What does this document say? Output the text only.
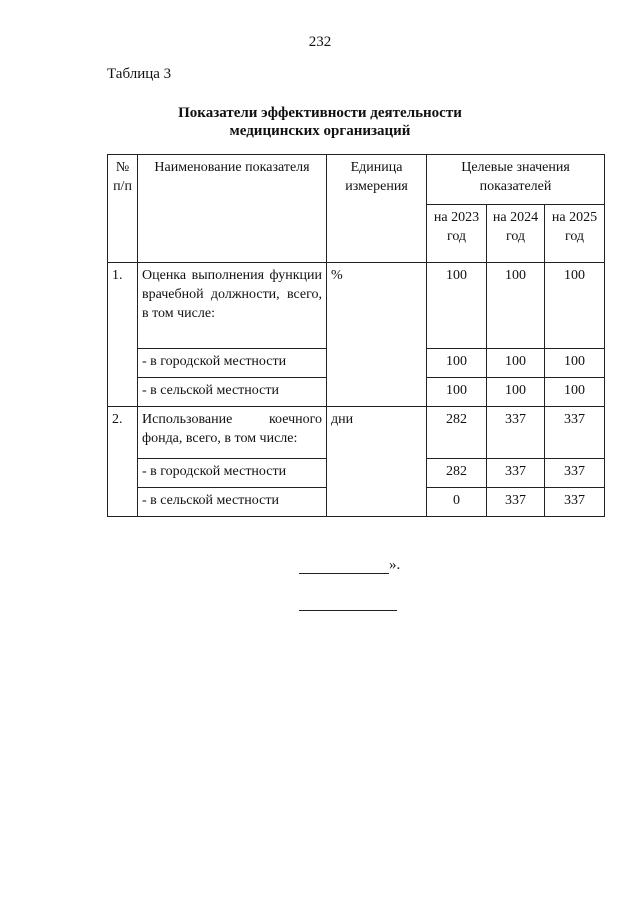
232
Таблица 3
Показатели эффективности деятельности
медицинских организаций
№ п/п	Наименование показателя	Единица измерения	Целевые значения показателей		
			на 2023 год	на 2024 год	на 2025 год
1.	Оценка выполнения функции врачебной должности, всего, в том числе:	%	100	100	100
	- в городской местности		100	100	100
	- в сельской местности		100	100	100
2.	Использование коечного фонда, всего, в том числе:	дни	282	337	337
	- в городской местности		282	337	337
	- в сельской местности		0	337	337
».
